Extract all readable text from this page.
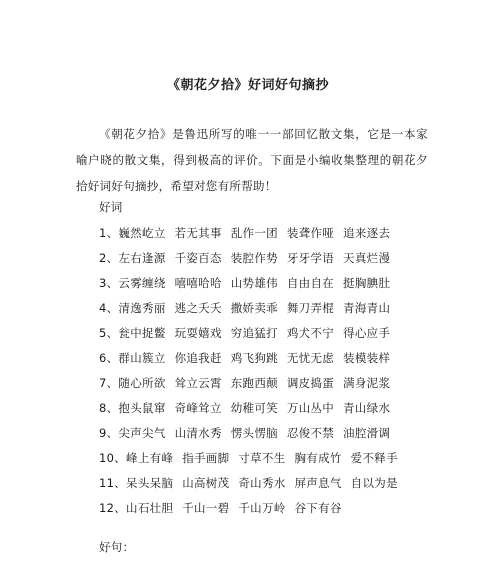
《朝花夕拾》好词好句摘抄

《朝花夕拾》是鲁迅所写的唯一一部回忆散文集，它是一本家喻户晓的散文集，得到极高的评价。下面是小编收集整理的朝花夕拾好词好句摘抄，希望对您有所帮助！

好词
1、巍然屹立 若无其事 乱作一团 装聋作哑 追来逐去
2、左右逢源 千姿百态 装腔作势 牙牙学语 天真烂漫
3、云雾缠绕 嘻嘻哈哈 山势雄伟 自由自在 挺胸腆肚
4、清逸秀丽 逃之夭夭 撒娇卖乖 舞刀弄棍 青海青山
5、瓮中捉鳖 玩耍嬉戏 穷追猛打 鸡犬不宁 得心应手
6、群山簇立 你追我赶 鸡飞狗跳 无忧无虑 装模装样
7、随心所欲 耸立云霄 东跑西颠 调皮捣蛋 满身泥浆
8、抱头鼠窜 奇峰耸立 幼稚可笑 万山丛中 青山绿水
9、尖声尖气 山清水秀 愣头愣脑 忍俊不禁 油腔滑调
10、峰上有峰 指手画脚 寸草不生 胸有成竹 爱不释手
11、呆头呆脑 山高树茂 奇山秀水 屏声息气 自以为是
12、山石壮胆 千山一碧 千山万岭 谷下有谷
好句：
